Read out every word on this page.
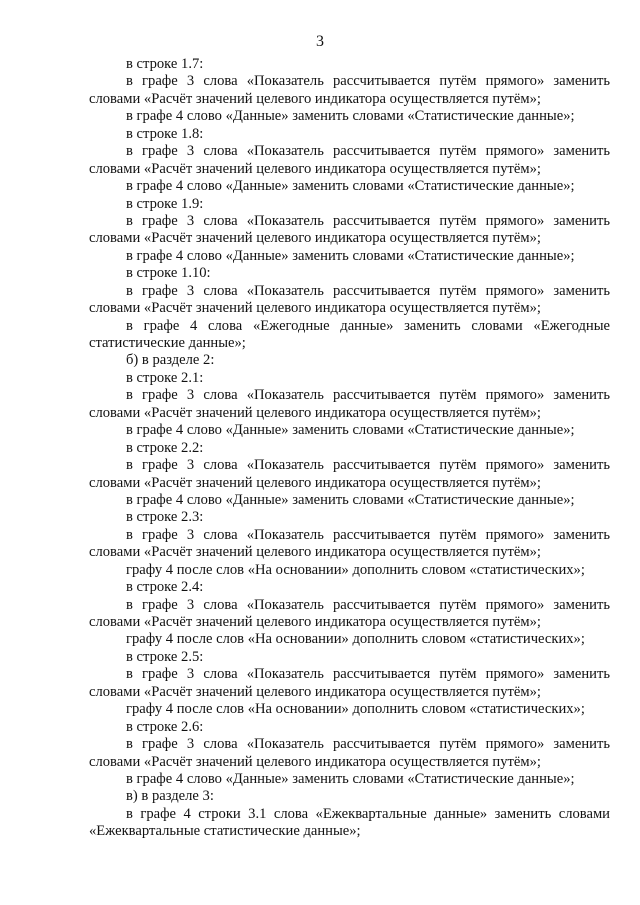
3
в строке 1.7:
в графе 3 слова «Показатель рассчитывается путём прямого» заменить
словами «Расчёт значений целевого индикатора осуществляется путём»;
в графе 4 слово «Данные» заменить словами «Статистические данные»;
в строке 1.8:
в графе 3 слова «Показатель рассчитывается путём прямого» заменить
словами «Расчёт значений целевого индикатора осуществляется путём»;
в графе 4 слово «Данные» заменить словами «Статистические данные»;
в строке 1.9:
в графе 3 слова «Показатель рассчитывается путём прямого» заменить
словами «Расчёт значений целевого индикатора осуществляется путём»;
в графе 4 слово «Данные» заменить словами «Статистические данные»;
в строке 1.10:
в графе 3 слова «Показатель рассчитывается путём прямого» заменить
словами «Расчёт значений целевого индикатора осуществляется путём»;
в графе 4 слова «Ежегодные данные» заменить словами «Ежегодные
статистические данные»;
б) в разделе 2:
в строке 2.1:
в графе 3 слова «Показатель рассчитывается путём прямого» заменить
словами «Расчёт значений целевого индикатора осуществляется путём»;
в графе 4 слово «Данные» заменить словами «Статистические данные»;
в строке 2.2:
в графе 3 слова «Показатель рассчитывается путём прямого» заменить
словами «Расчёт значений целевого индикатора осуществляется путём»;
в графе 4 слово «Данные» заменить словами «Статистические данные»;
в строке 2.3:
в графе 3 слова «Показатель рассчитывается путём прямого» заменить
словами «Расчёт значений целевого индикатора осуществляется путём»;
графу 4 после слов «На основании» дополнить словом «статистических»;
в строке 2.4:
в графе 3 слова «Показатель рассчитывается путём прямого» заменить
словами «Расчёт значений целевого индикатора осуществляется путём»;
графу 4 после слов «На основании» дополнить словом «статистических»;
в строке 2.5:
в графе 3 слова «Показатель рассчитывается путём прямого» заменить
словами «Расчёт значений целевого индикатора осуществляется путём»;
графу 4 после слов «На основании» дополнить словом «статистических»;
в строке 2.6:
в графе 3 слова «Показатель рассчитывается путём прямого» заменить
словами «Расчёт значений целевого индикатора осуществляется путём»;
в графе 4 слово «Данные» заменить словами «Статистические данные»;
в) в разделе 3:
в графе 4 строки 3.1 слова «Ежеквартальные данные» заменить словами
«Ежеквартальные статистические данные»;
